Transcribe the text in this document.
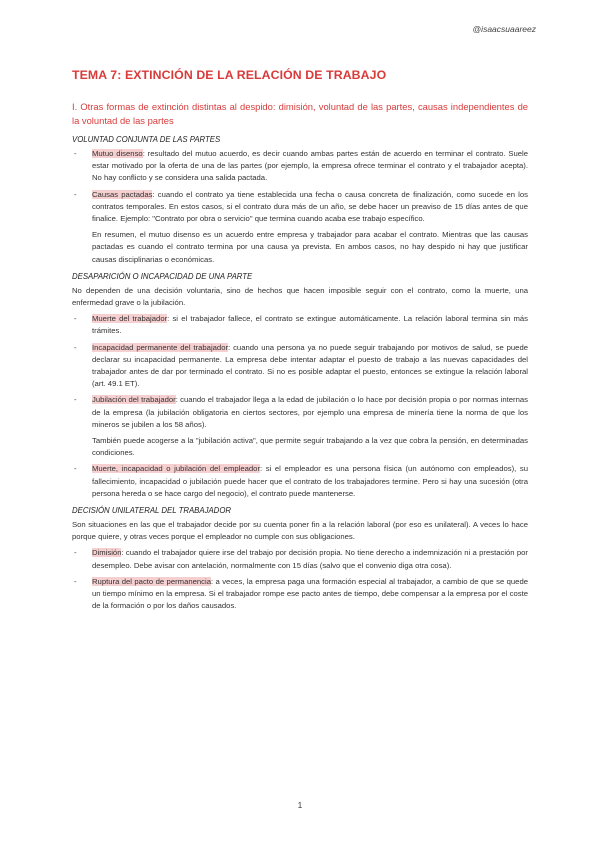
@isaacsuaareez
TEMA 7: EXTINCIÓN DE LA RELACIÓN DE TRABAJO
I. Otras formas de extinción distintas al despido: dimisión, voluntad de las partes, causas independientes de la voluntad de las partes
VOLUNTAD CONJUNTA DE LAS PARTES
- Mutuo disenso: resultado del mutuo acuerdo, es decir cuando ambas partes están de acuerdo en terminar el contrato. Suele estar motivado por la oferta de una de las partes (por ejemplo, la empresa ofrece terminar el contrato y el trabajador acepta). No hay conflicto y se considera una salida pactada.
- Causas pactadas: cuando el contrato ya tiene establecida una fecha o causa concreta de finalización, como sucede en los contratos temporales. En estos casos, si el contrato dura más de un año, se debe hacer un preaviso de 15 días antes de que finalice. Ejemplo: "Contrato por obra o servicio" que termina cuando acaba ese trabajo específico.
En resumen, el mutuo disenso es un acuerdo entre empresa y trabajador para acabar el contrato. Mientras que las causas pactadas es cuando el contrato termina por una causa ya prevista. En ambos casos, no hay despido ni hay que justificar causas disciplinarias o económicas.
DESAPARICIÓN O INCAPACIDAD DE UNA PARTE

No dependen de una decisión voluntaria, sino de hechos que hacen imposible seguir con el contrato, como la muerte, una enfermedad grave o la jubilación.

- Muerte del trabajador: si el trabajador fallece, el contrato se extingue automáticamente. La relación laboral termina sin más trámites.
- Incapacidad permanente del trabajador: cuando una persona ya no puede seguir trabajando por motivos de salud, se puede declarar su incapacidad permanente. La empresa debe intentar adaptar el puesto de trabajo a las nuevas capacidades del trabajador antes de dar por terminado el contrato. Si no es posible adaptar el puesto, entonces se extingue la relación laboral (art. 49.1 ET).
- Jubilación del trabajador: cuando el trabajador llega a la edad de jubilación o lo hace por decisión propia o por normas internas de la empresa (la jubilación obligatoria en ciertos sectores, por ejemplo una empresa de minería tiene la norma de que los mineros se jubilen a los 58 años).
También puede acogerse a la "jubilación activa", que permite seguir trabajando a la vez que cobra la pensión, en determinadas condiciones.
- Muerte, incapacidad o jubilación del empleador: si el empleador es una persona física (un autónomo con empleados), su fallecimiento, incapacidad o jubilación puede hacer que el contrato de los trabajadores termine. Pero si hay una sucesión (otra persona hereda o se hace cargo del negocio), el contrato puede mantenerse.
DECISIÓN UNILATERAL DEL TRABAJADOR

Son situaciones en las que el trabajador decide por su cuenta poner fin a la relación laboral (por eso es unilateral). A veces lo hace porque quiere, y otras veces porque el empleador no cumple con sus obligaciones.

- Dimisión: cuando el trabajador quiere irse del trabajo por decisión propia. No tiene derecho a indemnización ni a prestación por desempleo. Debe avisar con antelación, normalmente con 15 días (salvo que el convenio diga otra cosa).
- Ruptura del pacto de permanencia: a veces, la empresa paga una formación especial al trabajador, a cambio de que se quede un tiempo mínimo en la empresa. Si el trabajador rompe ese pacto antes de tiempo, debe compensar a la empresa por el coste de la formación o por los daños causados.
1
